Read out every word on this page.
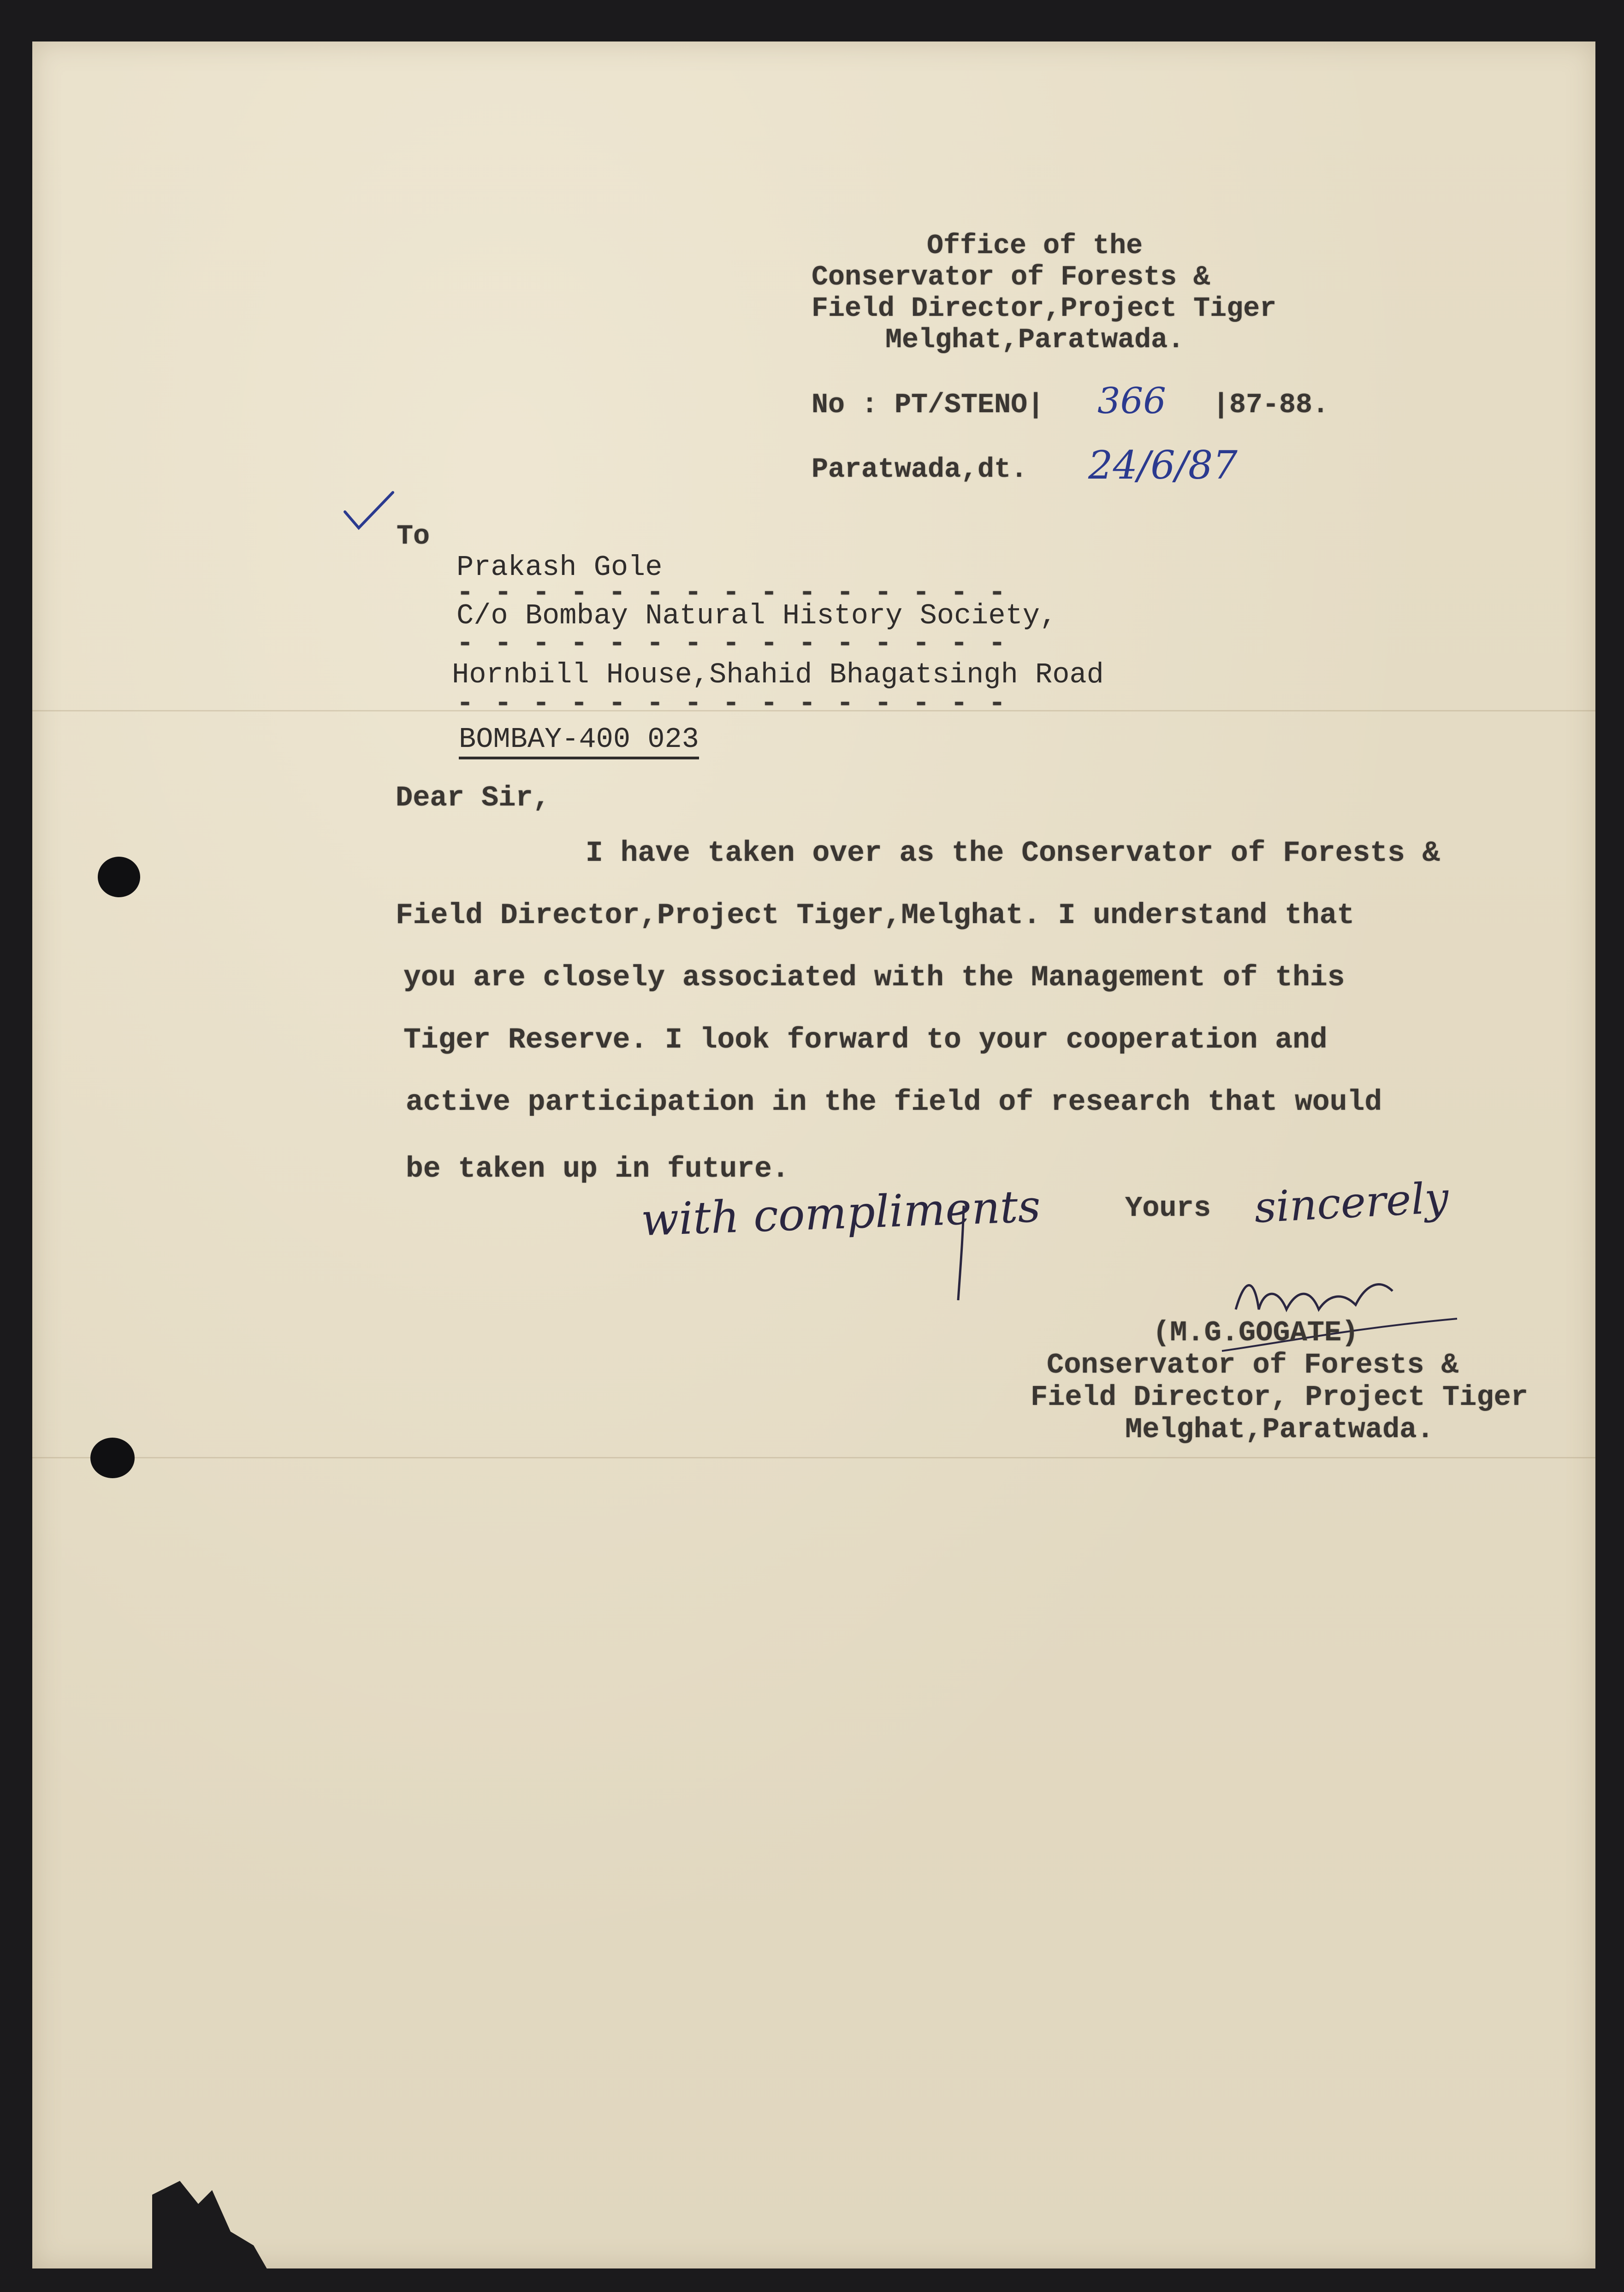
Office of the
Conservator of Forests &
Field Director,Project Tiger
Melghat,Paratwada.
No : PT/STENO| 366 |87-88.
Paratwada,dt. 24/6/87
To
Prakash Gole
- - - - - - - - - - - - - - -
C/o Bombay Natural History Society,
- - - - - - - - - - - - - - -
Hornbill House,Shahid Bhagatsingh Road
- - - - - - - - - - - - - - -
BOMBAY-400 023
Dear Sir,
I have taken over as the Conservator of Forests &
Field Director,Project Tiger,Melghat. I understand that
you are closely associated with the Management of this
Tiger Reserve. I look forward to your cooperation and
active participation in the field of research that would
be taken up in future.
with compliments	Yours sincerely
(M.G.GOGATE)
Conservator of Forests &
Field Director, Project Tiger
Melghat,Paratwada.
